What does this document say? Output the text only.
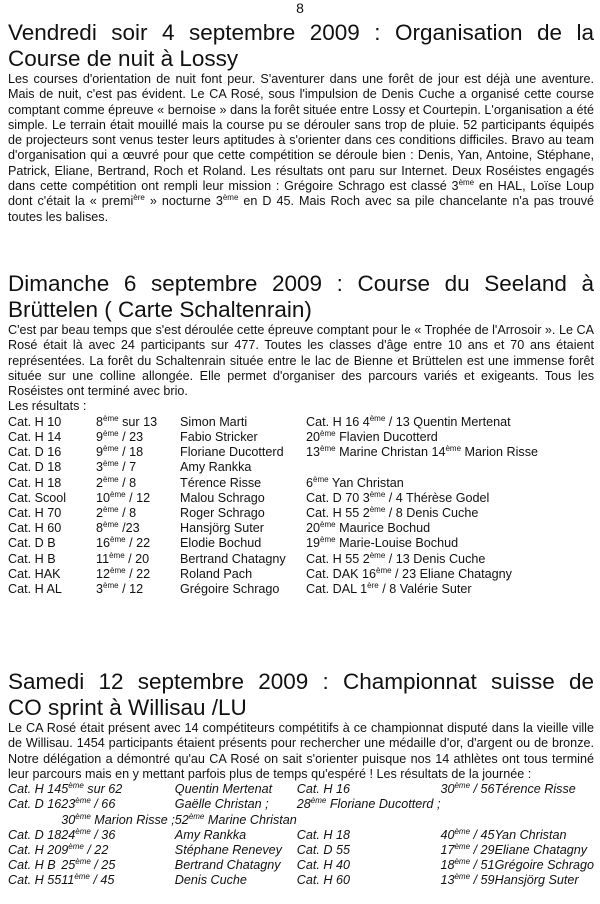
8
Vendredi soir 4 septembre 2009 : Organisation de la
Course de nuit à Lossy

Les courses d'orientation de nuit font peur. S'aventurer dans une forêt de jour est déjà une aventure. Mais de nuit, c'est pas évident. Le CA Rosé, sous l'impulsion de Denis Cuche a organisé cette course comptant comme épreuve « bernoise » dans la forêt située entre Lossy et Courtepin. L'organisation a été simple. Le terrain était mouillé mais la course pu se dérouler sans trop de pluie. 52 participants équipés de projecteurs sont venus tester leurs aptitudes à s'orienter dans ces conditions difficiles. Bravo au team d'organisation qui a œuvré pour que cette compétition se déroule bien : Denis, Yan, Antoine, Stéphane, Patrick, Eliane, Bertrand, Roch et Roland. Les résultats ont paru sur Internet. Deux Roséistes engagés dans cette compétition ont rempli leur mission : Grégoire Schrago est classé 3ème en HAL, Loïse Loup dont c'était la « premi$^{ère}$ » nocturne 3ème en D 45. Mais Roch avec sa pile chancelante n'a pas trouvé toutes les balises.

Dimanche 6 septembre 2009 : Course du Seeland à
Brüttelen ( Carte Schaltenrain)

C'est par beau temps que s'est déroulée cette épreuve comptant pour le « Trophée de l'Arrosoir ». Le CA Rosé était là avec 24 participants sur 477. Toutes les classes d'âge entre 10 ans et 70 ans étaient représentées. La forêt du Schaltenrain située entre le lac de Bienne et Brüttelen est une immense forêt située sur une colline allongée. Elle permet d'organiser des parcours variés et exigeants. Tous les Roséistes ont terminé avec brio.

Les résultats :
Cat. H 10	8ème sur 13	Simon Marti	Cat. H 16 4ème / 13 Quentin Mertenat
Cat. H 14	9ème / 23	Fabio Stricker	20ème Flavien Ducotterd
Cat. D 16	9ème / 18	Floriane Ducotterd	13ème Marine Christan 14ème Marion Risse
Cat. D 18	3ème / 7	Amy Rankka	
Cat. H 18	2ème / 8	Térence Risse	6ème Yan Christan
Cat. Scool	10ème / 12	Malou Schrago	Cat. D 70 3ème / 4 Thérèse Godel
Cat. H 70	2ème / 8	Roger Schrago	Cat. H 55 2ème / 8 Denis Cuche
Cat. H 60	8ème /23	Hansjörg Suter	20ème Maurice Bochud
Cat. D B	16ème / 22	Elodie Bochud	19ème Marie-Louise Bochud
Cat. H B	11ème / 20	Bertrand Chatagny	Cat. H 55 2ème / 13 Denis Cuche
Cat. HAK	12ème / 22	Roland Pach	Cat. DAK 16ème / 23 Eliane Chatagny
Cat. H AL	3ème / 12	Grégoire Schrago	Cat. DAL 1ère / 8 Valérie Suter
Samedi 12 septembre 2009 : Championnat suisse de
CO sprint à Willisau /LU

Le CA Rosé était présent avec 14 compétiteurs compétitifs à ce championnat disputé dans la vieille ville de Willisau. 1454 participants étaient présents pour rechercher une médaille d'or, d'argent ou de bronze. Notre délégation a démontré qu'au CA Rosé on sait s'orienter puisque nos 14 athlètes ont tous terminé leur parcours mais en y mettant parfois plus de temps qu'espéré ! Les résultats de la journée :

Cat. H 14	5ème sur 62	Quentin Mertenat	Cat. H 16	30ème / 56	Térence Risse
Cat. D 16	23ème / 66	Gaëlle Christan ;	28ème Floriane Ducotterd ;		
	30ème Marion Risse ;	52ème Marine Christan			
Cat. D 18	24ème / 36	Amy Rankka	Cat. H 18	40ème / 45	Yan Christan
Cat. H 20	9ème / 22	Stéphane Renevey	Cat. D 55	17ème / 29	Eliane Chatagny
Cat. H B	25ème / 25	Bertrand Chatagny	Cat. H 40	18ème / 51	Grégoire Schrago
Cat. H 55	11ème / 45	Denis Cuche	Cat. H 60	13ème / 59	Hansjörg Suter
